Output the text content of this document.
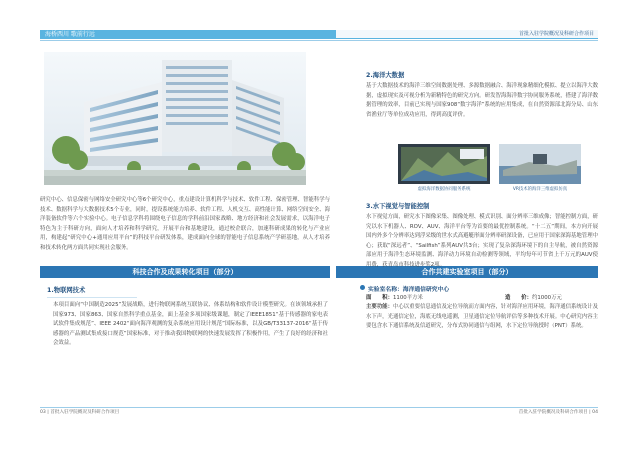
海桥西川 歌前行远	首批入驻学院概况及科研合作项目
研究中心、信息保密与网络安全研究中心等6个研究中心，重点建设计算机科学与技术、软件工程、保密管理、智能科学与技术、数据科学与大数据技术5个专业，同时，提设系统能力培养、软件工程、人机交互、高性能计算、网络空间安全、海洋装备软件等六个实验中心。电子信息学科将围绕电子信息的学科前沿国家战略、地方经济和社会发展需求，以海洋电子特色为主于科研方向，面向人才培养和科学研究，开展平台和基地建设，通过校企联合，加速科研成果的转化与产业应用，构建起“研究中心+通用应用平台”的科技平台研发体系，建成面向全球的智能电子信息系统产学研基地，从人才培养和技术转化两方面共同实现社会服务。
科技合作及成果转化项目（部分）	合作共建实验室项目（部分）
1.物联网技术
本项目面向“中国制造2025”发展战略，进行物联网系统互联协议、体系结构和软件设计模型研究。在该领域承担了国家973、国家863、国家自然科学重点基金，面上基金多项国家级课题，制定了IEEE1851“基于传感器的家电表试软件集成规范”、IEEE 2402“面向海洋观测的复杂系统应用设计规范”国际标准，以及GB/T33137-2016“基于传感器的产品测试集成接口规范”国家标准，对于推动我国物联网的快速发展发挥了积极作用，产生了良好的经济和社会效益。
2.海洋大数据
基于大数据技术的海洋三维空间数据处理、多源数据融合、海洋现象精细化模拟、提立以海洋大数据，虚拟现实及可视分析为新精特色的研究方向。研发智海海洋数字协同服务系统，搭建了海洋数据管理的效率，目前已实现与国家908“数字海洋”系统的应用集成，在自然资源部北海分局、山东省渔业厅等单位成功应用，得到高度评价。
虚拟海洋数据协同服务系统	VR技术的海洋三维虚拟仿真
3.水下视觉与智能控制
水下视觉方面，研究水下图像采集、图像处理、模式识别、面分辨率三维成像；智能控制方面，研究以水下机器人、ROV、AUV、海洋平台等为首要的最优控制系统。“十二五”期间，本方向开展国内外多个分辨率达到浮采级的世水式高避艇形面分辨率研深设备，已应用于国家深海基地管理中心；获取“深远者”、“Sailfish”系列AUV共3台；实现了复杂深海环境下的自主导航，被自然资源部应用于海洋生态环境监测、海洋动力环境自动检测等领域，平均每年可节省上千万元的AUV使用费，获青岛市科技进步奖2项。
实验室名称：海洋通信研究中心
面　　积：1100平方米	造　　价：约1000万元
主要功能：中心以重要信息通信及定位导航而方面内容，针对海洋应用环境，海洋通信系统设计及水下声，光通信定位，海底无线电遥测，卫星通信定位导航评估等多种技术开展。中心研究内容主要包含水下通信系统及信道研究，分布式协同通信与组网，水下定位导航授时（PNT）系统。
03 | 首批入驻学院概况及科研合作项目	首批入驻学院概况及科研合作项目 | 04
